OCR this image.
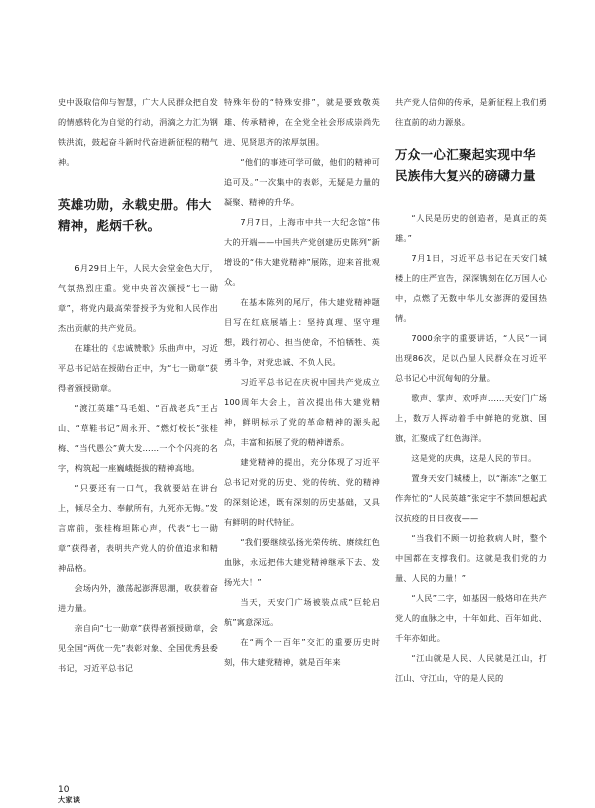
史中汲取信仰与智慧，广大人民群众把自发的情感转化为自觉的行动，涓滴之力汇为钢铁洪流，鼓起奋斗新时代奋进新征程的精气神。

英雄功勋，永载史册。伟大精神，彪炳千秋。

6月29日上午，人民大会堂金色大厅，气氛热烈庄重。党中央首次颁授“七一勋章”，将党内最高荣誉授予为党和人民作出杰出贡献的共产党员。

在雄壮的《忠诚赞歌》乐曲声中，习近平总书记站在授勋台正中，为“七一勋章”获得者颁授勋章。

“渡江英雄”马毛姐、“百战老兵”王占山、“草鞋书记”周永开、“燃灯校长”张桂梅、“当代愚公”黄大发……一个个闪亮的名字，构筑起一座巍峨挺拔的精神高地。

“只要还有一口气，我就要站在讲台上，倾尽全力、奉献所有，九死亦无悔。”发言席前，张桂梅坦陈心声，代表“七一勋章”获得者，表明共产党人的价值追求和精神品格。

会场内外，激荡起澎湃思潮，收获着奋进力量。

亲自向“七一勋章”获得者颁授勋章，会见全国“两优一先”表彰对象、全国优秀县委书记，习近平总书记

特殊年份的“特殊安排”，就是要致敬英雄、传承精神，在全党全社会形成崇尚先进、见贤思齐的浓厚氛围。

“他们的事迹可学可做，他们的精神可追可及。”一次集中的表彰，无疑是力量的凝聚、精神的升华。

7月7日，上海市中共一大纪念馆“伟大的开端——中国共产党创建历史陈列”新增设的“伟大建党精神”展陈，迎来首批观众。

在基本陈列的尾厅，伟大建党精神题目写在红底展墙上：坚持真理、坚守理想，践行初心、担当使命，不怕牺牲、英勇斗争，对党忠诚、不负人民。

习近平总书记在庆祝中国共产党成立100周年大会上，首次提出伟大建党精神，鲜明标示了党的革命精神的源头起点，丰富和拓展了党的精神谱系。

建党精神的提出，充分体现了习近平总书记对党的历史、党的传统、党的精神的深刻论述，既有深刻的历史基础，又具有鲜明的时代特征。

“我们要继续弘扬光荣传统、赓续红色血脉，永远把伟大建党精神继承下去、发扬光大！”

当天，天安门广场被装点成“巨轮启航”寓意深远。

在“两个一百年”交汇的重要历史时刻，伟大建党精神，就是百年来

共产党人信仰的传承，是新征程上我们勇往直前的动力源泉。

万众一心汇聚起实现中华民族伟大复兴的磅礴力量

“人民是历史的创造者，是真正的英雄。”

7月1日，习近平总书记在天安门城楼上的庄严宣告，深深镌刻在亿万国人心中，点燃了无数中华儿女澎湃的爱国热情。

7000余字的重要讲话，“人民”一词出现86次，足以凸显人民群众在习近平总书记心中沉甸甸的分量。

歌声、掌声、欢呼声……天安门广场上，数万人挥动着手中鲜艳的党旗、国旗，汇聚成了红色海洋。

这是党的庆典，这是人民的节日。

置身天安门城楼上，以“渐冻”之躯工作奔忙的“人民英雄”张定宇不禁回想起武汉抗疫的日日夜夜——

“当我们不顾一切抢救病人时，整个中国都在支撑我们。这就是我们党的力量、人民的力量！”

“人民”二字，如基因一般烙印在共产党人的血脉之中，十年如此、百年如此、千年亦如此。

“江山就是人民、人民就是江山，打江山、守江山，守的是人民的

10
大家谈
